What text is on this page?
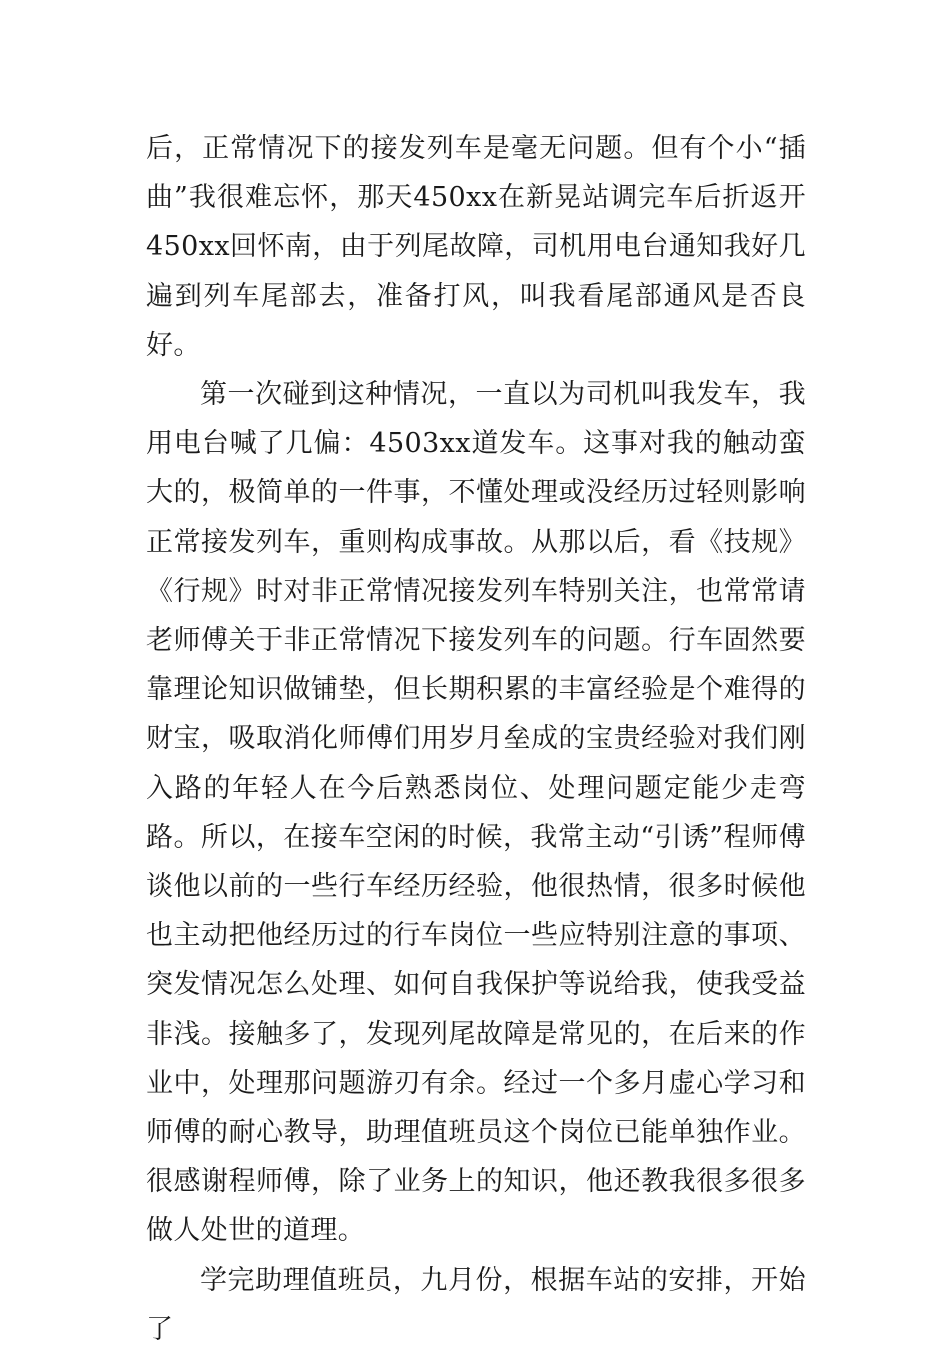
后，正常情况下的接发列车是毫无问题。但有个小“插曲”我很难忘怀，那天450xx在新晃站调完车后折返开450xx回怀南，由于列尾故障，司机用电台通知我好几遍到列车尾部去，准备打风，叫我看尾部通风是否良好。

第一次碰到这种情况，一直以为司机叫我发车，我用电台喊了几偏：4503xx道发车。这事对我的触动蛮大的，极简单的一件事，不懂处理或没经历过轻则影响正常接发列车，重则构成事故。从那以后，看《技规》《行规》时对非正常情况接发列车特别关注，也常常请老师傅关于非正常情况下接发列车的问题。行车固然要靠理论知识做铺垫，但长期积累的丰富经验是个难得的财宝，吸取消化师傅们用岁月垒成的宝贵经验对我们刚入路的年轻人在今后熟悉岗位、处理问题定能少走弯路。所以，在接车空闲的时候，我常主动“引诱”程师傅谈他以前的一些行车经历经验，他很热情，很多时候他也主动把他经历过的行车岗位一些应特别注意的事项、突发情况怎么处理、如何自我保护等说给我，使我受益非浅。接触多了，发现列尾故障是常见的，在后来的作业中，处理那问题游刃有余。经过一个多月虚心学习和师傅的耐心教导，助理值班员这个岗位已能单独作业。很感谢程师傅，除了业务上的知识，他还教我很多很多做人处世的道理。

学完助理值班员，九月份，根据车站的安排，开始了
